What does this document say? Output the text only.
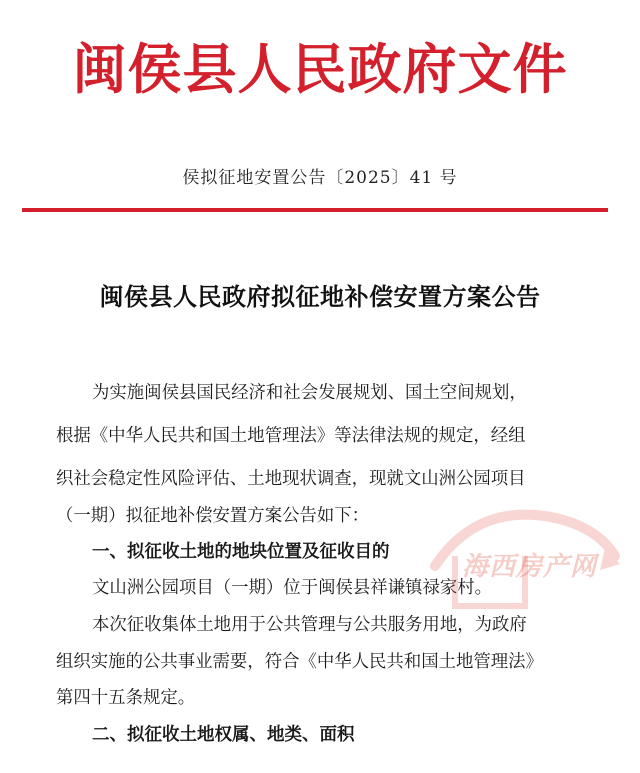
闽侯县人民政府文件
侯拟征地安置公告〔2025〕41 号
闽侯县人民政府拟征地补偿安置方案公告
为实施闽侯县国民经济和社会发展规划、国土空间规划，
根据《中华人民共和国土地管理法》等法律法规的规定，经组
织社会稳定性风险评估、土地现状调查，现就文山洲公园项目
（一期）拟征地补偿安置方案公告如下：
一、拟征收土地的地块位置及征收目的
文山洲公园项目（一期）位于闽侯县祥谦镇禄家村。
本次征收集体土地用于公共管理与公共服务用地，为政府
组织实施的公共事业需要，符合《中华人民共和国土地管理法》
第四十五条规定。
二、拟征收土地权属、地类、面积
海西房产网
